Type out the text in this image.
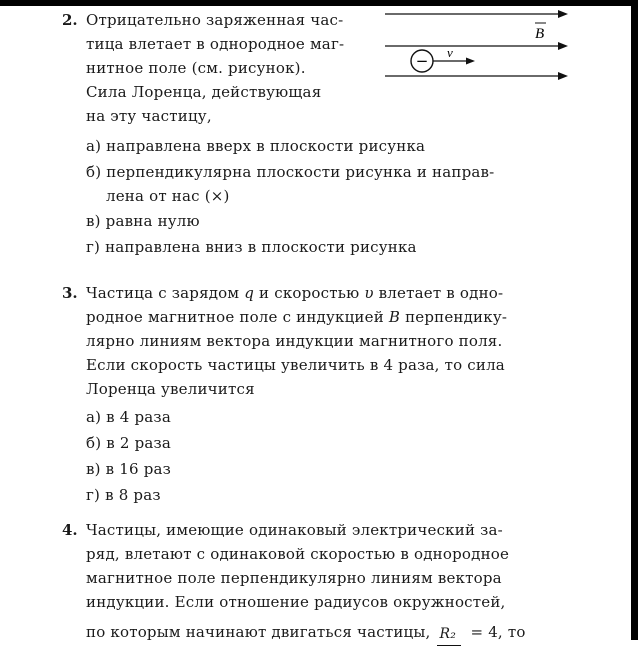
2. Отрицательно заряженная час-
тица влетает в однородное маг-
нитное поле (см. рисунок).
Сила Лоренца, действующая
на эту частицу,
B
− v
а) направлена вверх в плоскости рисунка
б) перпендикулярна плоскости рисунка и направ-
лена от нас (×)
в) равна нулю
г) направлена вниз в плоскости рисунка
3. Частица с зарядом q и скоростью υ влетает в одно-
родное магнитное поле с индукцией B перпендику-
лярно линиям вектора индукции магнитного поля.
Если скорость частицы увеличить в 4 раза, то сила
Лоренца увеличится
а) в 4 раза
б) в 2 раза
в) в 16 раз
г) в 8 раз
4. Частицы, имеющие одинаковый электрический за-
ряд, влетают с одинаковой скоростью в однородное
магнитное поле перпендикулярно линиям вектора
индукции. Если отношение радиусов окружностей,
по которым начинают двигаться частицы, R₂ = 4, то
